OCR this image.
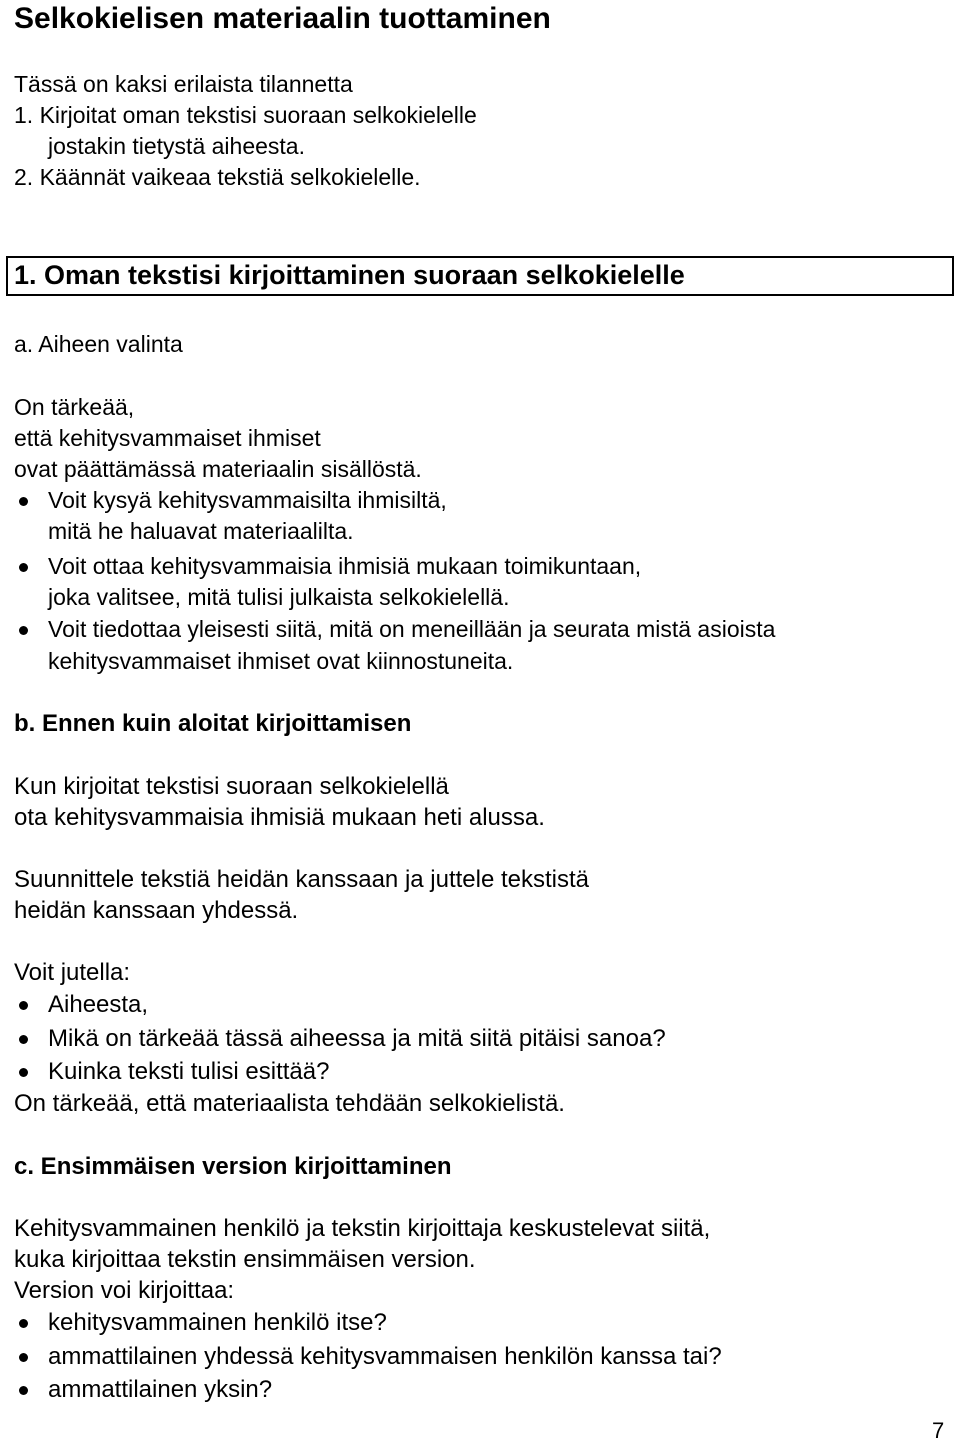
Selkokielisen materiaalin tuottaminen
Tässä on kaksi erilaista tilannetta
1. Kirjoitat oman tekstisi suoraan selkokielelle
jostakin tietystä aiheesta.
2. Käännät vaikeaa tekstiä selkokielelle.
1. Oman tekstisi kirjoittaminen suoraan selkokielelle
a. Aiheen valinta
On tärkeää,
että kehitysvammaiset ihmiset
ovat päättämässä materiaalin sisällöstä.
Voit kysyä kehitysvammaisilta ihmisiltä,
mitä he haluavat materiaalilta.
Voit ottaa kehitysvammaisia ihmisiä mukaan toimikuntaan,
joka valitsee, mitä tulisi julkaista selkokielellä.
Voit tiedottaa yleisesti siitä, mitä on meneillään ja seurata mistä asioista
kehitysvammaiset ihmiset ovat kiinnostuneita.
b. Ennen kuin aloitat kirjoittamisen
Kun kirjoitat tekstisi suoraan selkokielellä
ota kehitysvammaisia ihmisiä mukaan heti alussa.
Suunnittele tekstiä heidän kanssaan ja juttele tekstistä
heidän kanssaan yhdessä.
Voit jutella:
Aiheesta,
Mikä on tärkeää tässä aiheessa ja mitä siitä pitäisi sanoa?
Kuinka teksti tulisi esittää?
On tärkeää, että materiaalista tehdään selkokielistä.
c. Ensimmäisen version kirjoittaminen
Kehitysvammainen henkilö ja tekstin kirjoittaja keskustelevat siitä,
kuka kirjoittaa tekstin ensimmäisen version.
Version voi kirjoittaa:
kehitysvammainen henkilö itse?
ammattilainen yhdessä kehitysvammaisen henkilön kanssa tai?
ammattilainen yksin?
7
